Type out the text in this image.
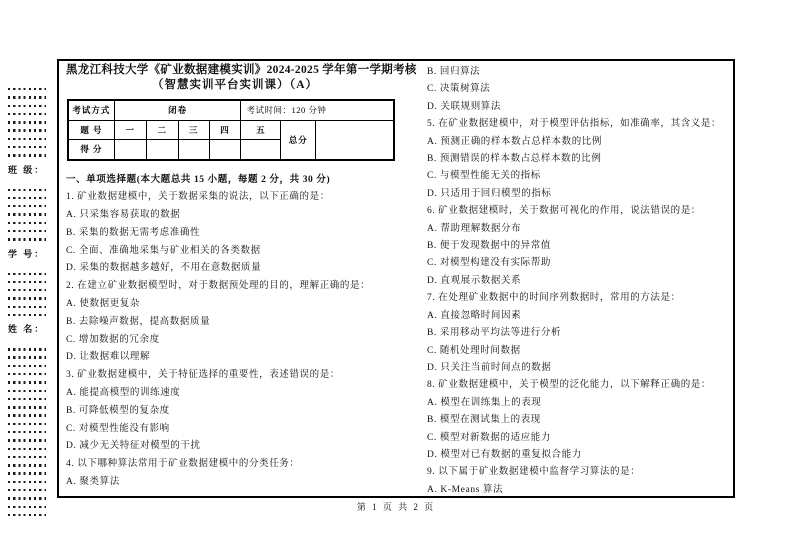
班 级：
学 号：
姓 名：
黑龙江科技大学《矿业数据建模实训》2024-2025 学年第一学期考核
（智慧实训平台实训课）（A）
考试方式	闭卷				考试时间：120 分钟		
题 号	一	二	三	四	五	总分	
得 分							
一、单项选择题(本大题总共 15 小题，每题 2 分，共 30 分)
1. 矿业数据建模中，关于数据采集的说法，以下正确的是：
A. 只采集容易获取的数据
B. 采集的数据无需考虑准确性
C. 全面、准确地采集与矿业相关的各类数据
D. 采集的数据越多越好，不用在意数据质量
2. 在建立矿业数据模型时，对于数据预处理的目的，理解正确的是：
A. 使数据更复杂
B. 去除噪声数据，提高数据质量
C. 增加数据的冗余度
D. 让数据难以理解
3. 矿业数据建模中，关于特征选择的重要性，表述错误的是：
A. 能提高模型的训练速度
B. 可降低模型的复杂度
C. 对模型性能没有影响
D. 减少无关特征对模型的干扰
4. 以下哪种算法常用于矿业数据建模中的分类任务：
A. 聚类算法
B. 回归算法
C. 决策树算法
D. 关联规则算法
5. 在矿业数据建模中，对于模型评估指标，如准确率，其含义是：
A. 预测正确的样本数占总样本数的比例
B. 预测错误的样本数占总样本数的比例
C. 与模型性能无关的指标
D. 只适用于回归模型的指标
6. 矿业数据建模时，关于数据可视化的作用，说法错误的是：
A. 帮助理解数据分布
B. 便于发现数据中的异常值
C. 对模型构建没有实际帮助
D. 直观展示数据关系
7. 在处理矿业数据中的时间序列数据时，常用的方法是：
A. 直接忽略时间因素
B. 采用移动平均法等进行分析
C. 随机处理时间数据
D. 只关注当前时间点的数据
8. 矿业数据建模中，关于模型的泛化能力，以下解释正确的是：
A. 模型在训练集上的表现
B. 模型在测试集上的表现
C. 模型对新数据的适应能力
D. 模型对已有数据的重复拟合能力
9. 以下属于矿业数据建模中监督学习算法的是：
A. K-Means 算法
第 1 页 共 2 页
